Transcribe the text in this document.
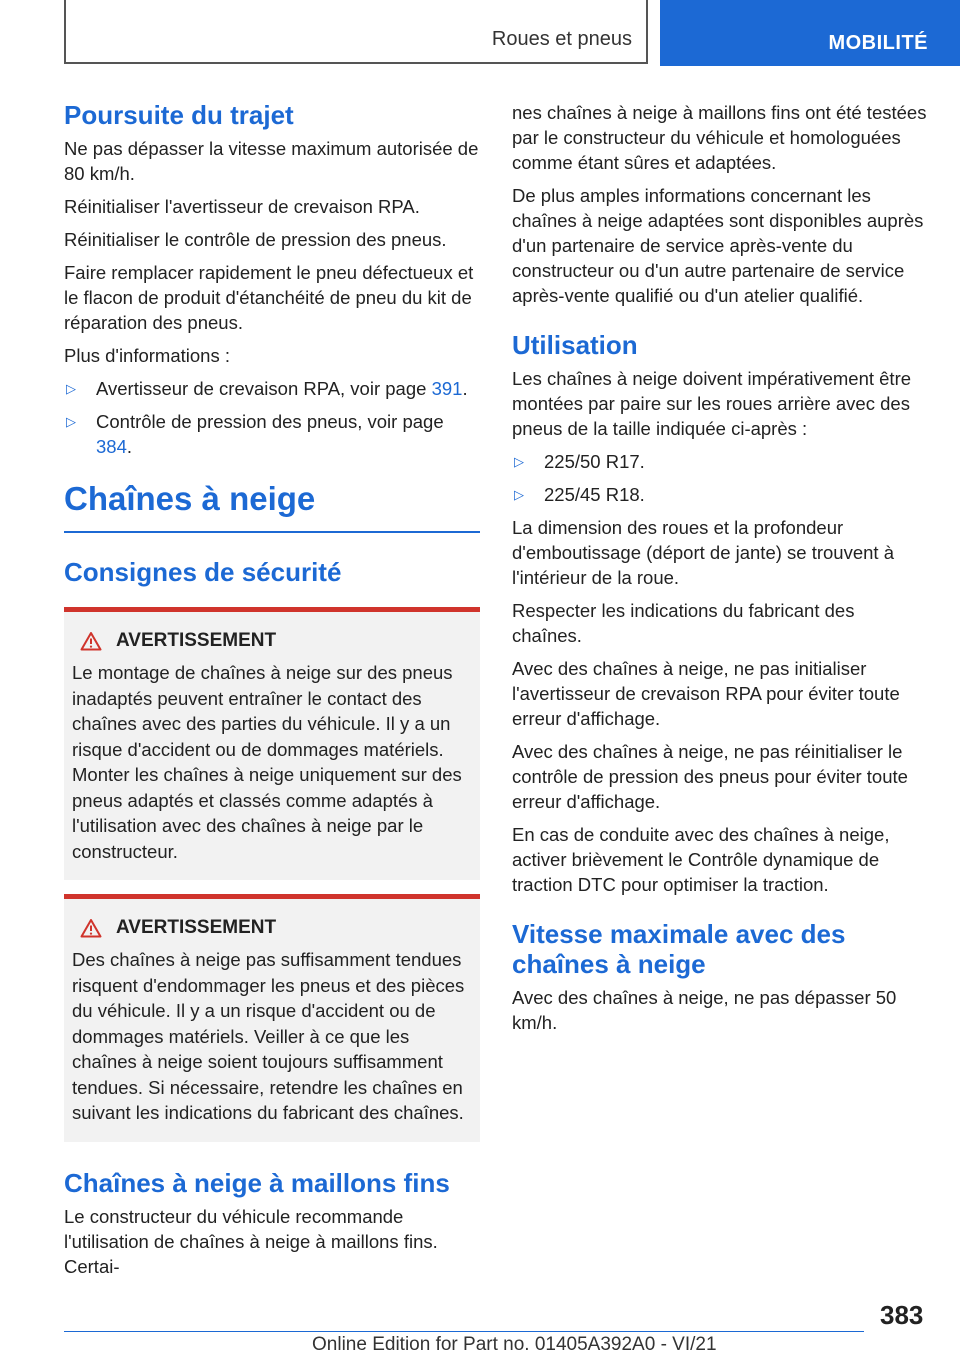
Roues et pneus	MOBILITÉ
Poursuite du trajet

Ne pas dépasser la vitesse maximum autorisée de 80 km/h.

Réinitialiser l'avertisseur de crevaison RPA.

Réinitialiser le contrôle de pression des pneus.

Faire remplacer rapidement le pneu défectueux et le flacon de produit d'étanchéité de pneu du kit de réparation des pneus.

Plus d'informations :

▷	Avertisseur de crevaison RPA, voir page 391.
▷	Contrôle de pression des pneus, voir page 384.
Chaînes à neige
Consignes de sécurité
AVERTISSEMENT

Le montage de chaînes à neige sur des pneus inadaptés peuvent entraîner le contact des chaînes avec des parties du véhicule. Il y a un risque d'accident ou de dommages matériels. Monter les chaînes à neige uniquement sur des pneus adaptés et classés comme adaptés à l'utilisation avec des chaînes à neige par le constructeur.

AVERTISSEMENT

Des chaînes à neige pas suffisamment tendues risquent d'endommager les pneus et des pièces du véhicule. Il y a un risque d'accident ou de dommages matériels. Veiller à ce que les chaînes à neige soient toujours suffisamment tendues. Si nécessaire, retendre les chaînes en suivant les indications du fabricant des chaînes.

Chaînes à neige à maillons fins

Le constructeur du véhicule recommande l'utilisation de chaînes à neige à maillons fins. Certai-

nes chaînes à neige à maillons fins ont été testées par le constructeur du véhicule et homologuées comme étant sûres et adaptées.

De plus amples informations concernant les chaînes à neige adaptées sont disponibles auprès d'un partenaire de service après-vente du constructeur ou d'un autre partenaire de service après-vente qualifié ou d'un atelier qualifié.

Utilisation

Les chaînes à neige doivent impérativement être montées par paire sur les roues arrière avec des pneus de la taille indiquée ci-après :

▷	225/50 R17.
▷	225/45 R18.

La dimension des roues et la profondeur d'emboutissage (déport de jante) se trouvent à l'intérieur de la roue.

Respecter les indications du fabricant des chaînes.

Avec des chaînes à neige, ne pas initialiser l'avertisseur de crevaison RPA pour éviter toute erreur d'affichage.

Avec des chaînes à neige, ne pas réinitialiser le contrôle de pression des pneus pour éviter toute erreur d'affichage.

En cas de conduite avec des chaînes à neige, activer brièvement le Contrôle dynamique de traction DTC pour optimiser la traction.

Vitesse maximale avec des chaînes à neige

Avec des chaînes à neige, ne pas dépasser 50 km/h.

383
Online Edition for Part no. 01405A392A0 - VI/21
